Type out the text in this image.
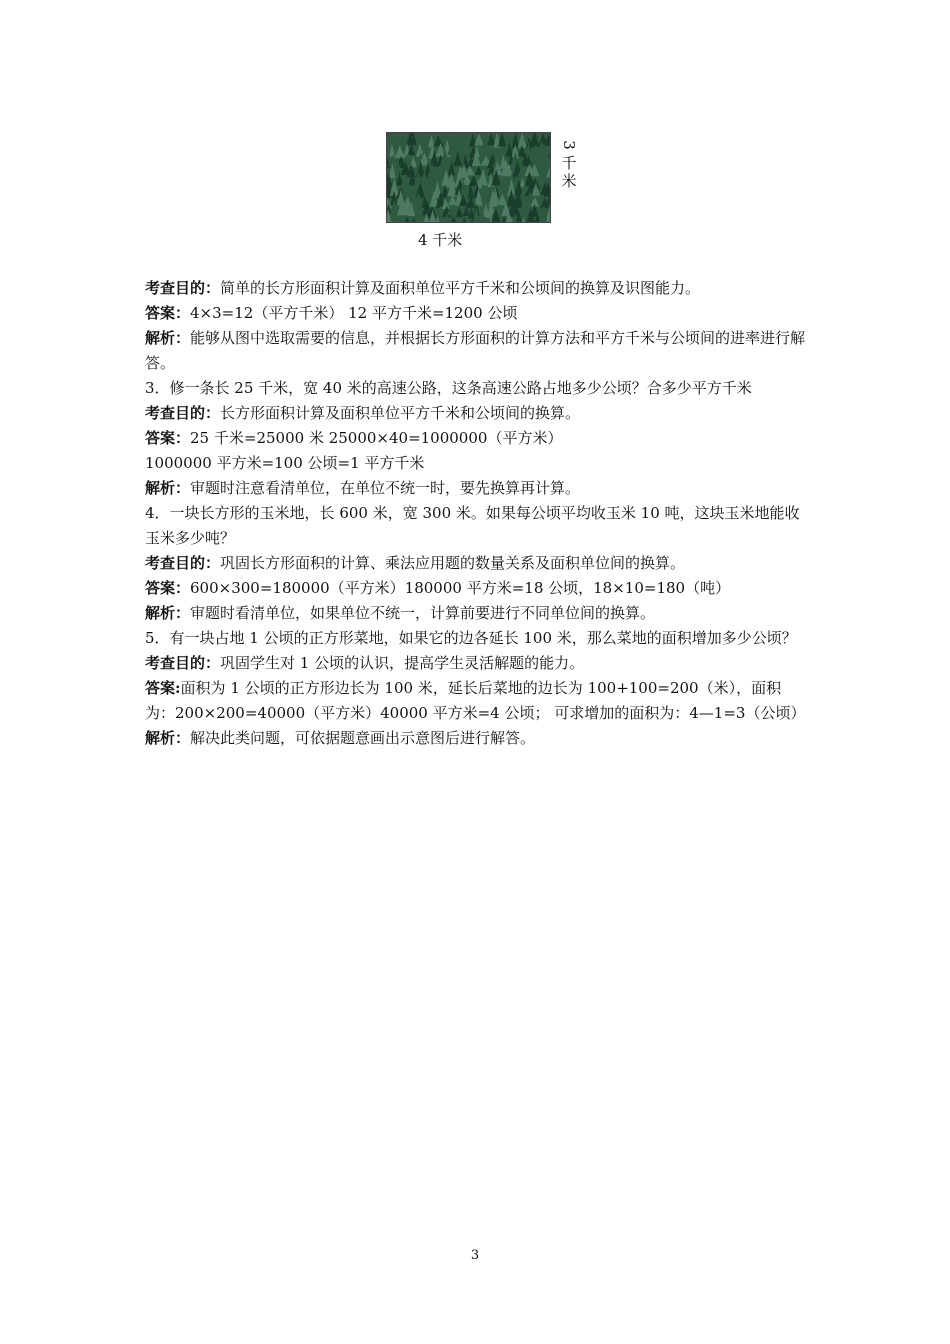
3
千
米
4 千米

考查目的：简单的长方形面积计算及面积单位平方千米和公顷间的换算及识图能力。

答案：4×3=12（平方千米） 12 平方千米=1200 公顷

解析：能够从图中选取需要的信息，并根据长方形面积的计算方法和平方千米与公顷间的进率进行解答。

3．修一条长 25 千米，宽 40 米的高速公路，这条高速公路占地多少公顷？合多少平方千米

考查目的：长方形面积计算及面积单位平方千米和公顷间的换算。

答案：25 千米=25000 米 25000×40=1000000（平方米）

1000000 平方米=100 公顷=1 平方千米

解析：审题时注意看清单位，在单位不统一时，要先换算再计算。

4．一块长方形的玉米地，长 600 米，宽 300 米。如果每公顷平均收玉米 10 吨，这块玉米地能收玉米多少吨？

考查目的：巩固长方形面积的计算、乘法应用题的数量关系及面积单位间的换算。

答案：600×300=180000（平方米）180000 平方米=18 公顷，18×10=180（吨）

解析：审题时看清单位，如果单位不统一，计算前要进行不同单位间的换算。

5．有一块占地 1 公顷的正方形菜地，如果它的边各延长 100 米，那么菜地的面积增加多少公顷？

考查目的：巩固学生对 1 公顷的认识，提高学生灵活解题的能力。

答案:面积为 1 公顷的正方形边长为 100 米，延长后菜地的边长为 100+100=200（米），面积为：200×200=40000（平方米）40000 平方米=4 公顷； 可求增加的面积为：4—1=3（公顷）

解析：解决此类问题，可依据题意画出示意图后进行解答。

3
